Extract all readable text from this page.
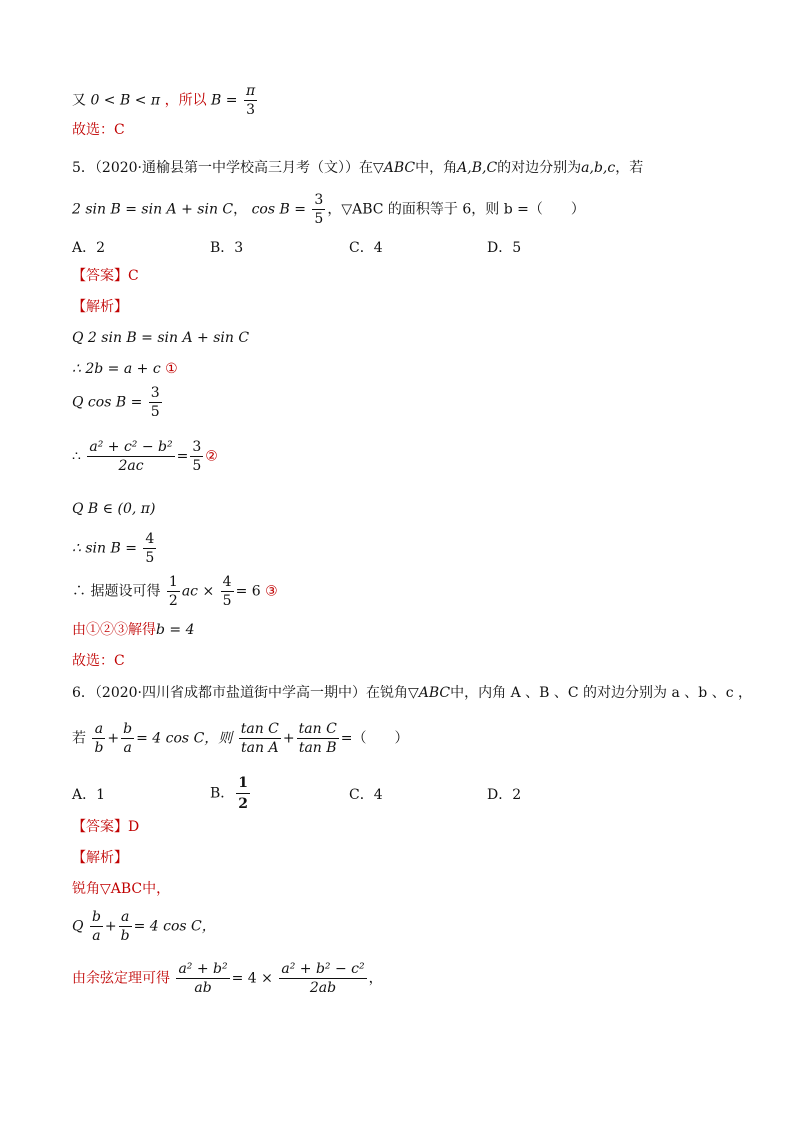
又 0 < B < π ，所以 $B = \frac{\pi}{3}$
故选：C
5．（2020·通榆县第一中学校高三月考（文））在▽ABC中，角A,B,C的对边分别为a,b,c，若
2 sin B = sin A + sin C， $\cos B = \frac{3}{5}$ ，▽ABC 的面积等于 6，则 b =（　　）
A．2	B．3	C．4	D．5
【答案】C
【解析】
Q 2 sin B = sin A + sin C
∴ 2b = a + c ①
Q $\cos B = \frac{3}{5}$
∴ $\frac{\text{a² + c² − b²}}{2ac} = \frac{3}{5}$ ②
Q B ∈ (0, π)
∴ $\sin B = \frac{4}{5}$
∴ 据题设可得 $\frac{1}{2}$ ac × $\frac{4}{5} = 6$ ③
由①②③解得b = 4
故选：C
6．（2020·四川省成都市盐道街中学高一期中）在锐角▽ABC中，内角 A 、B 、C 的对边分别为 a 、b 、c ，
若 $\frac{a}{b} + \frac{b}{a} = 4$ cos C，则 $\frac{\text{tan C}}{\text{tan A}} + \frac{\text{tan C}}{\text{tan B}}$ =（　　）
A．1	B． $\frac{1}{2}$	C．4	D．2
【答案】D
【解析】
锐角▽ABC中，
Q $\frac{b}{a} + \frac{a}{b} = 4$ cos C，
由余弦定理可得 $\frac{\text{a² + b²}}{ab} = 4 \times \frac{\text{a² + b² − c²}}{2ab}$ ，
